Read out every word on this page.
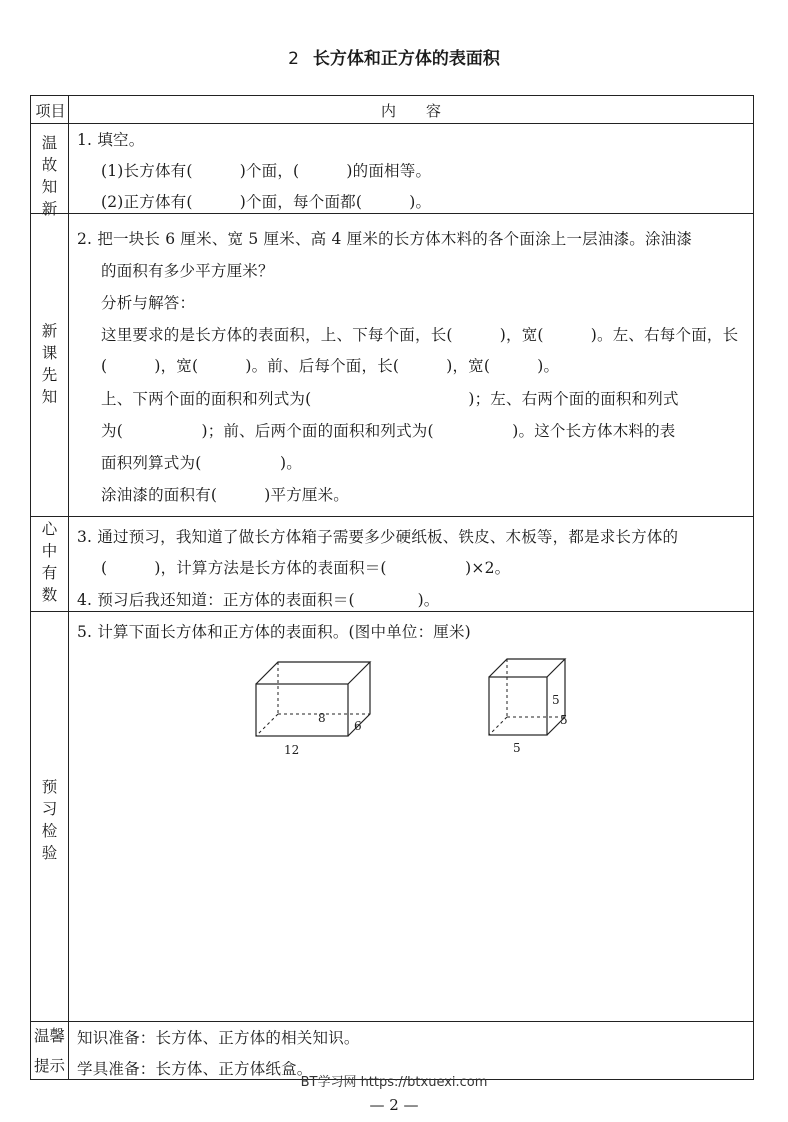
2 长方体和正方体的表面积
项目	内　　容
温故知新
新课先知
心中有数
预习检验
温馨
提示
1. 填空。
(1)长方体有(　　　)个面，(　　　)的面相等。
(2)正方体有(　　　)个面，每个面都(　　　)。
2. 把一块长 6 厘米、宽 5 厘米、高 4 厘米的长方体木料的各个面涂上一层油漆。涂油漆
的面积有多少平方厘米？
分析与解答：
这里要求的是长方体的表面积，上、下每个面，长(　　　)，宽(　　　)。左、右每个面，长
(　　　)，宽(　　　)。前、后每个面，长(　　　)，宽(　　　)。
上、下两个面的面积和列式为(　　　　　　　　　　)；左、右两个面的面积和列式
为(　　　　　)；前、后两个面的面积和列式为(　　　　　)。这个长方体木料的表
面积列算式为(　　　　　)。
涂油漆的面积有(　　　)平方厘米。
3. 通过预习，我知道了做长方体箱子需要多少硬纸板、铁皮、木板等，都是求长方体的
(　　　)，计算方法是长方体的表面积＝(　　　　　)×2。
4. 预习后我还知道：正方体的表面积＝(　　　　)。
5. 计算下面长方体和正方体的表面积。(图中单位：厘米)
8
6
12
5
5
5
知识准备：长方体、正方体的相关知识。
学具准备：长方体、正方体纸盒。
BT学习网 https://btxuexi.com
— 2 —
